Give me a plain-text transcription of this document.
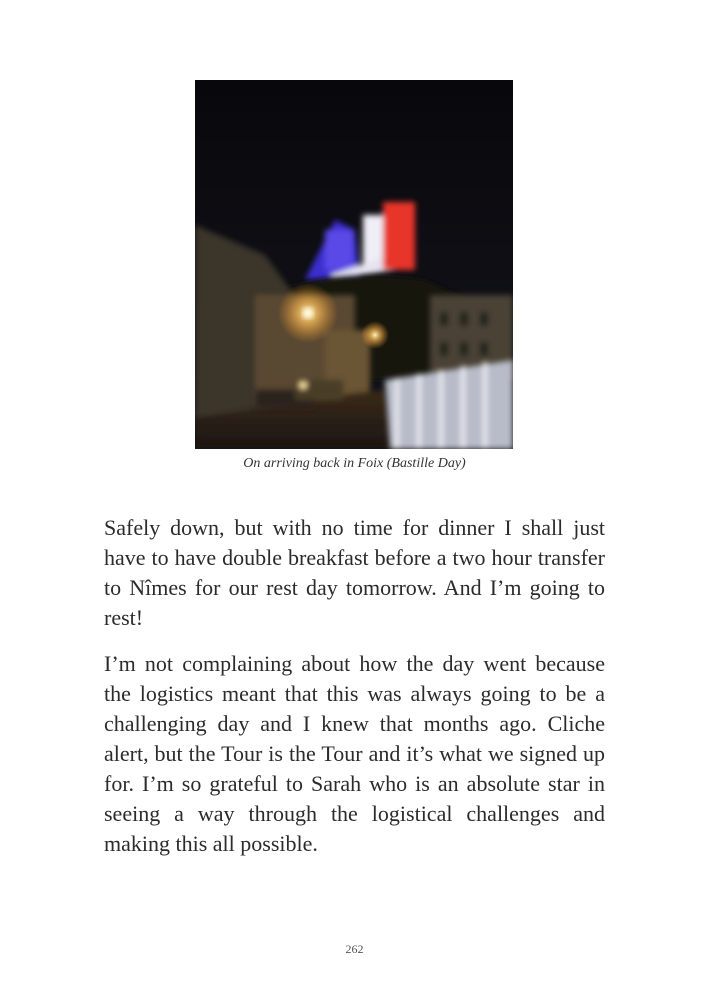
On arriving back in Foix (Bastille Day)

Safely down, but with no time for dinner I shall just have to have double breakfast before a two hour transfer to Nîmes for our rest day tomorrow. And I’m going to rest!

I’m not complaining about how the day went because the logistics meant that this was always going to be a challenging day and I knew that months ago. Cliche alert, but the Tour is the Tour and it’s what we signed up for. I’m so grateful to Sarah who is an absolute star in seeing a way through the logistical challenges and making this all possible.

262
